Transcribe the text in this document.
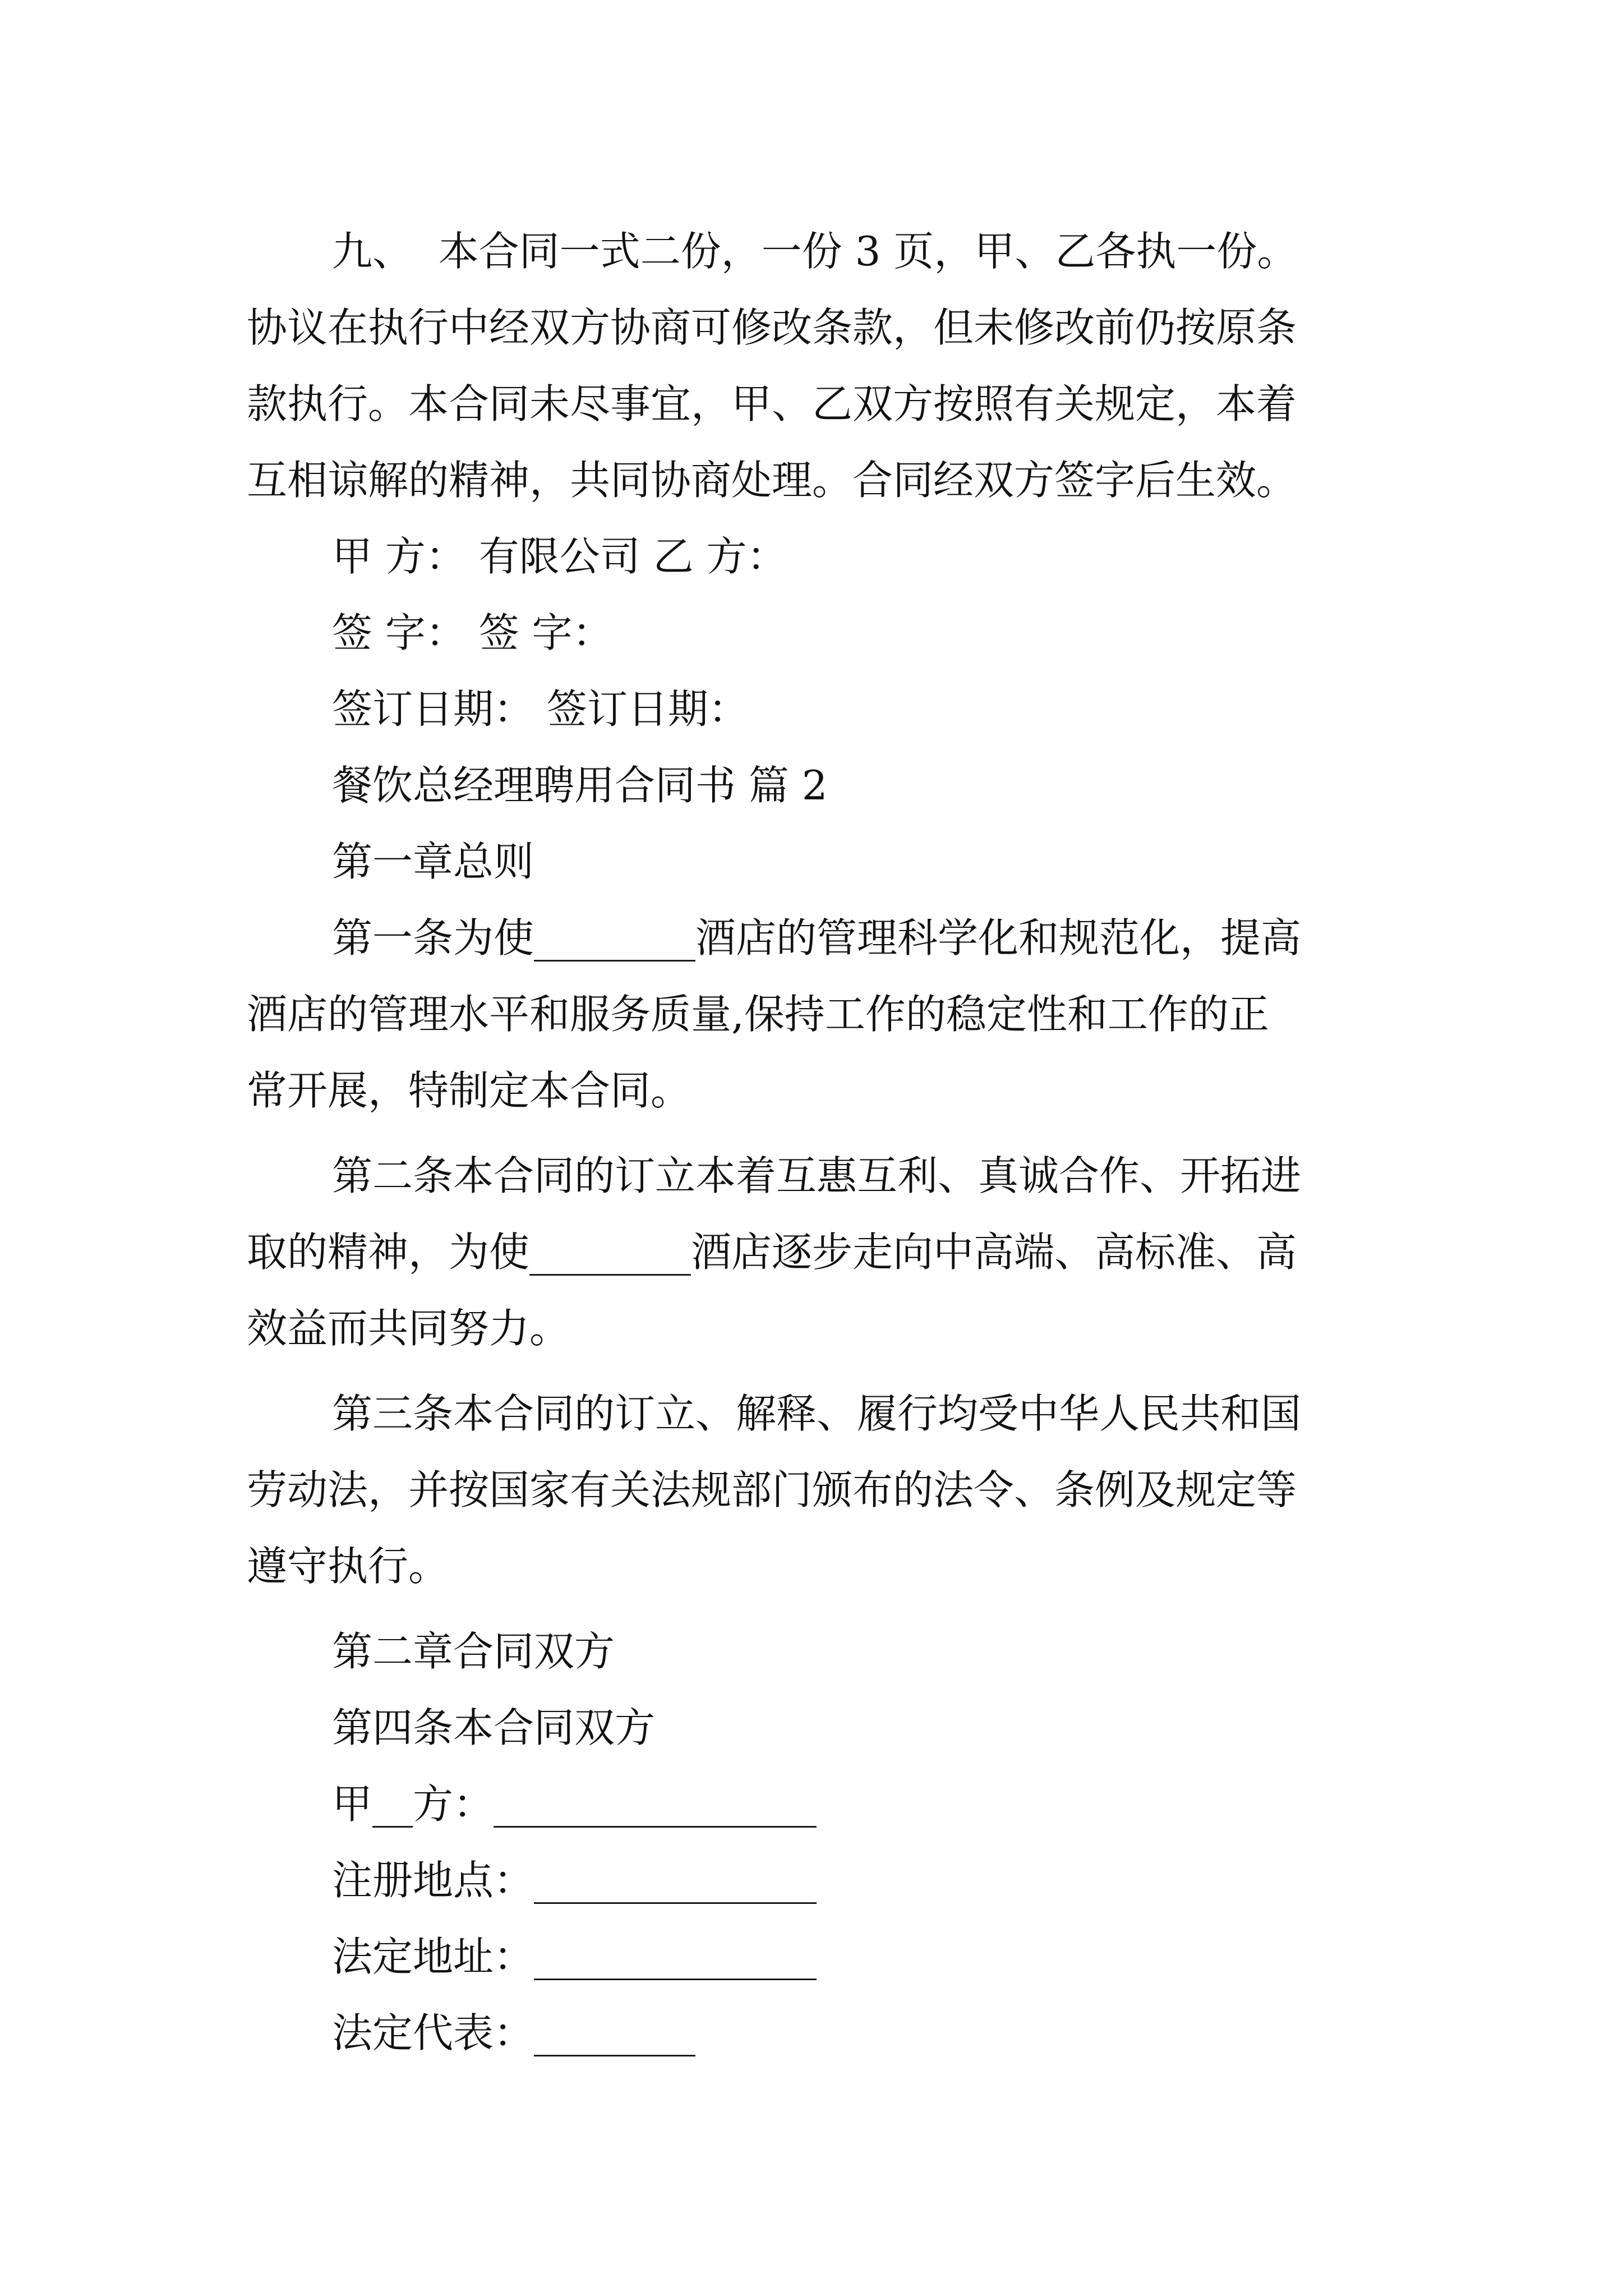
九、  本合同一式二份，一份 3 页，甲、乙各执一份。

协议在执行中经双方协商可修改条款，但未修改前仍按原条

款执行。本合同未尽事宜，甲、乙双方按照有关规定，本着

互相谅解的精神，共同协商处理。合同经双方签字后生效。

甲 方： 有限公司 乙 方：

签 字： 签 字：

签订日期： 签订日期：

餐饮总经理聘用合同书 篇 2

第一章总则

第一条为使________酒店的管理科学化和规范化，提高

酒店的管理水平和服务质量,保持工作的稳定性和工作的正

常开展，特制定本合同。

第二条本合同的订立本着互惠互利、真诚合作、开拓进

取的精神，为使________酒店逐步走向中高端、高标准、高

效益而共同努力。

第三条本合同的订立、解释、履行均受中华人民共和国

劳动法，并按国家有关法规部门颁布的法令、条例及规定等

遵守执行。

第二章合同双方

第四条本合同双方

甲__方：________________

注册地点：______________

法定地址：______________

法定代表：________
